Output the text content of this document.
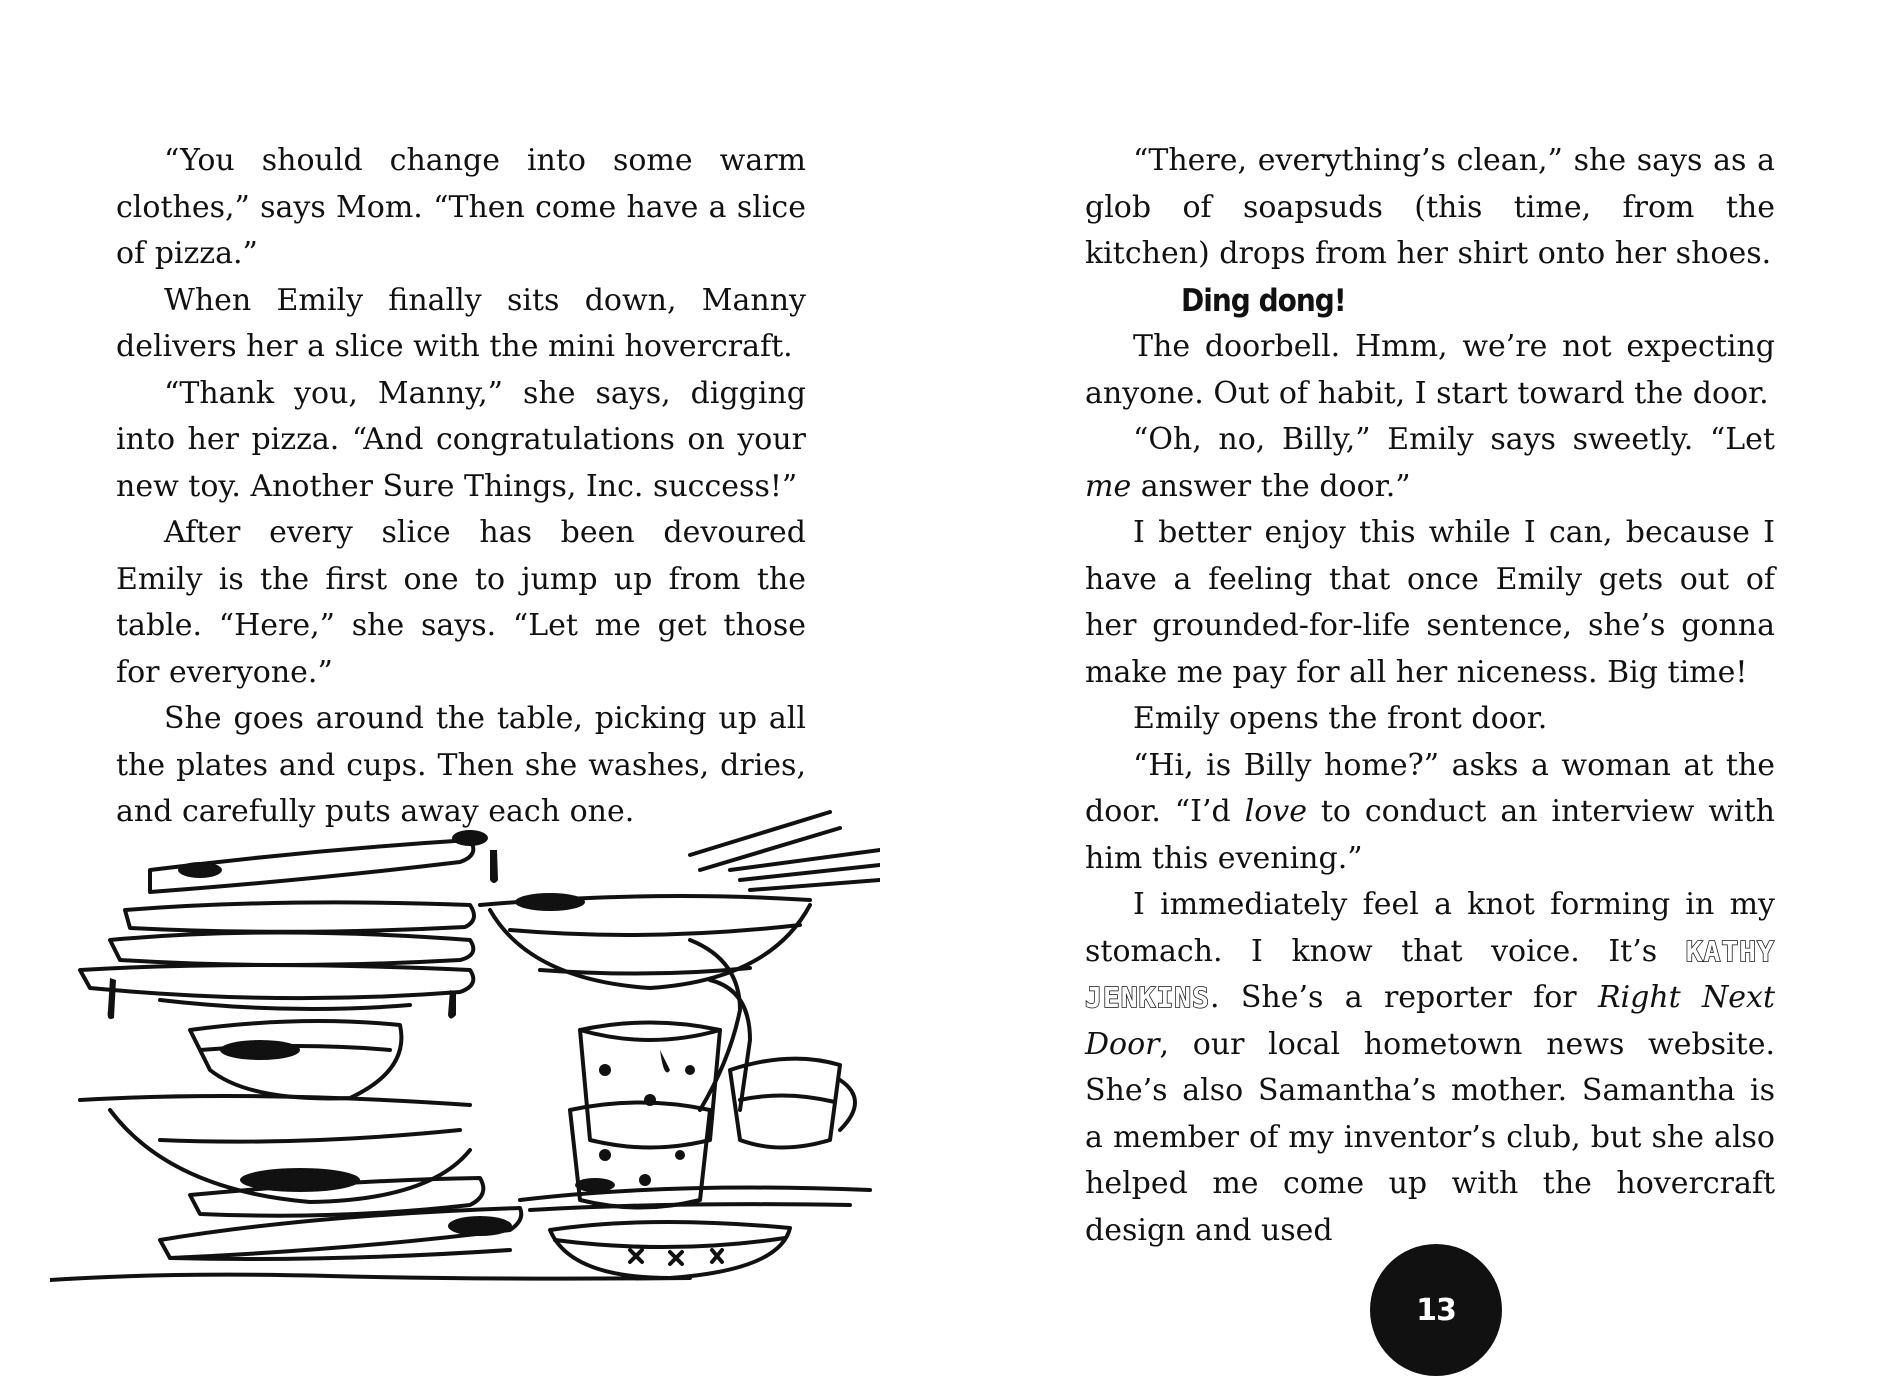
“You should change into some warm clothes,” says Mom. “Then come have a slice of pizza.”

When Emily finally sits down, Manny delivers her a slice with the mini hovercraft.

“Thank you, Manny,” she says, digging into her pizza. “And congratulations on your new toy. Another Sure Things, Inc. success!”

After every slice has been devoured Emily is the first one to jump up from the table. “Here,” she says. “Let me get those for everyone.”

She goes around the table, picking up all the plates and cups. Then she washes, dries, and carefully puts away each one.

“There, everything’s clean,” she says as a glob of soapsuds (this time, from the kitchen) drops from her shirt onto her shoes.

Ding dong!

The doorbell. Hmm, we’re not expecting anyone. Out of habit, I start toward the door.

“Oh, no, Billy,” Emily says sweetly. “Let me answer the door.”

I better enjoy this while I can, because I have a feeling that once Emily gets out of her grounded-for-life sentence, she’s gonna make me pay for all her niceness. Big time!

Emily opens the front door.

“Hi, is Billy home?” asks a woman at the door. “I’d love to conduct an interview with him this evening.”

I immediately feel a knot forming in my stomach. I know that voice. It’s KATHY JENKINS. She’s a reporter for Right Next Door, our local hometown news website. She’s also Samantha’s mother. Samantha is a member of my inventor’s club, but she also helped me come up with the hovercraft design and used

13
